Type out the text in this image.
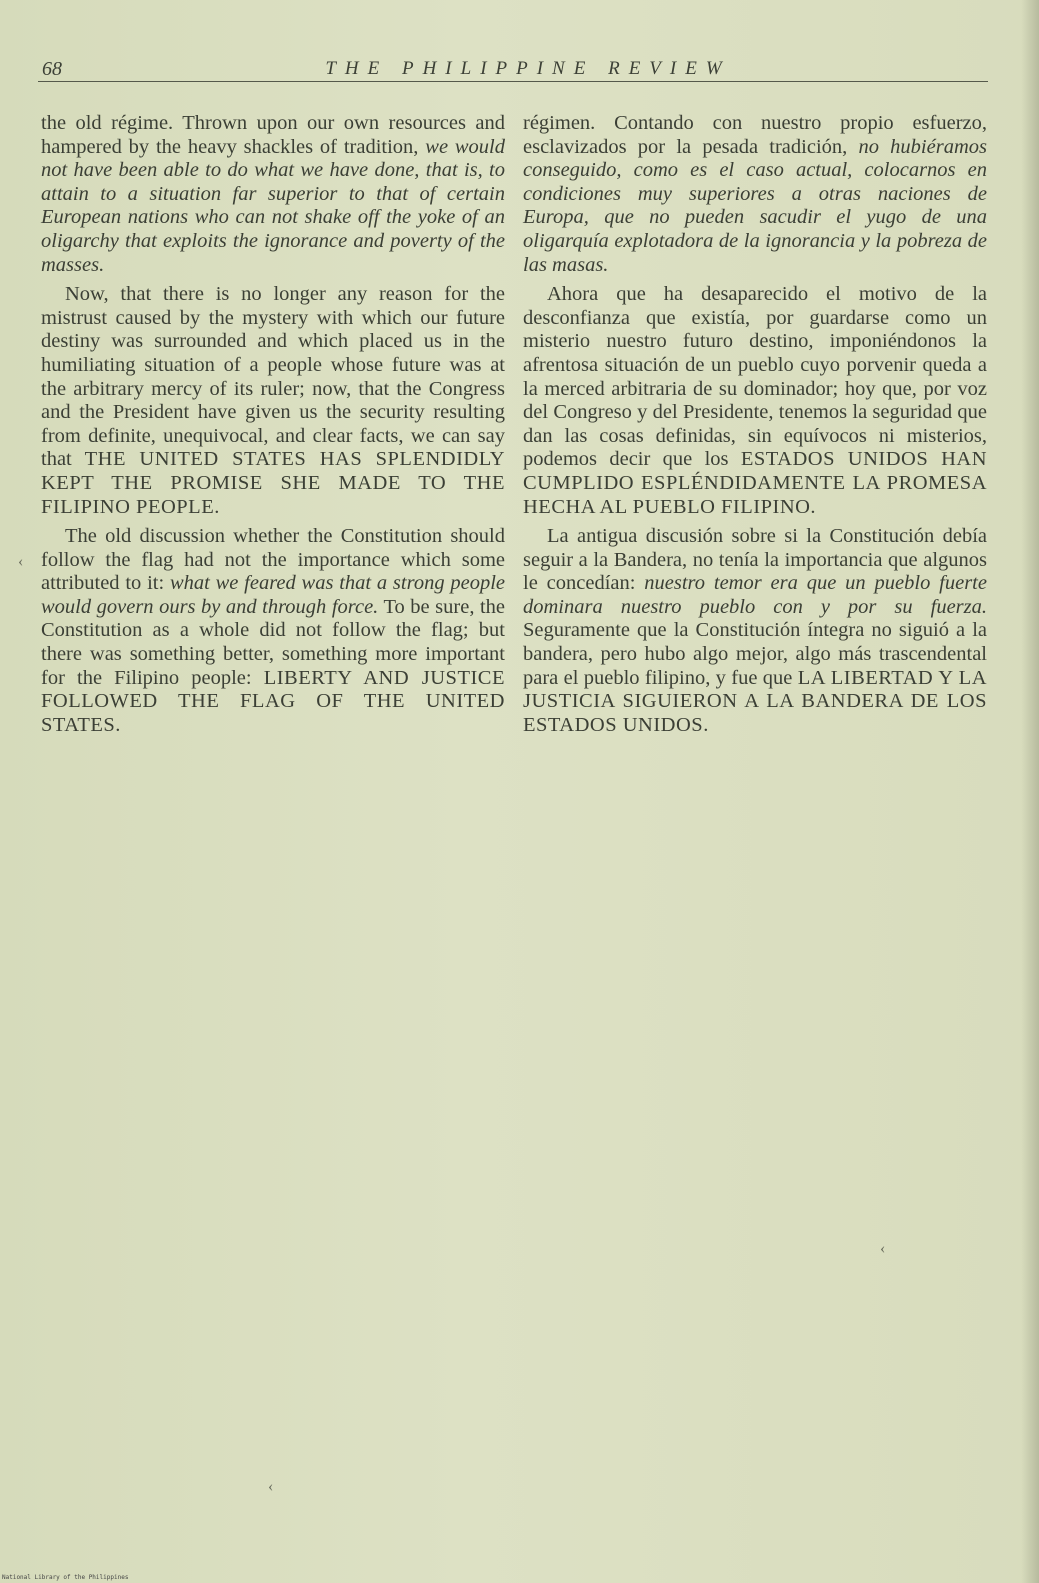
68	THE PHILIPPINE REVIEW

the old régime. Thrown upon our own resources and hampered by the heavy shackles of tradition, we would not have been able to do what we have done, that is, to attain to a situation far superior to that of certain European nations who can not shake off the yoke of an oligarchy that exploits the ignorance and poverty of the masses.

Now, that there is no longer any reason for the mistrust caused by the mystery with which our future destiny was surrounded and which placed us in the humiliating situation of a people whose future was at the arbitrary mercy of its ruler; now, that the Congress and the President have given us the security resulting from definite, unequivocal, and clear facts, we can say that THE UNITED STATES HAS SPLENDIDLY KEPT THE PROMISE SHE MADE TO THE FILIPINO PEOPLE.

The old discussion whether the Constitution should follow the flag had not the importance which some attributed to it: what we feared was that a strong people would govern ours by and through force. To be sure, the Constitution as a whole did not follow the flag; but there was something better, something more important for the Filipino people: LIBERTY AND JUSTICE FOLLOWED THE FLAG OF THE UNITED STATES.

régimen. Contando con nuestro propio esfuerzo, esclavizados por la pesada tradición, no hubiéramos conseguido, como es el caso actual, colocarnos en condiciones muy superiores a otras naciones de Europa, que no pueden sacudir el yugo de una oligarquía explotadora de la ignorancia y la pobreza de las masas.

Ahora que ha desaparecido el motivo de la desconfianza que existía, por guardarse como un misterio nuestro futuro destino, imponiéndonos la afrentosa situación de un pueblo cuyo porvenir queda a la merced arbitraria de su dominador; hoy que, por voz del Congreso y del Presidente, tenemos la seguridad que dan las cosas definidas, sin equívocos ni misterios, podemos decir que los ESTADOS UNIDOS HAN CUMPLIDO ESPLÉNDIDAMENTE LA PROMESA HECHA AL PUEBLO FILIPINO.

La antigua discusión sobre si la Constitución debía seguir a la Bandera, no tenía la importancia que algunos le concedían: nuestro temor era que un pueblo fuerte dominara nuestro pueblo con y por su fuerza. Seguramente que la Constitución íntegra no siguió a la bandera, pero hubo algo mejor, algo más trascendental para el pueblo filipino, y fue que LA LIBERTAD Y LA JUSTICIA SIGUIERON A LA BANDERA DE LOS ESTADOS UNIDOS.

‹
‹
‹
National Library of the Philippines
